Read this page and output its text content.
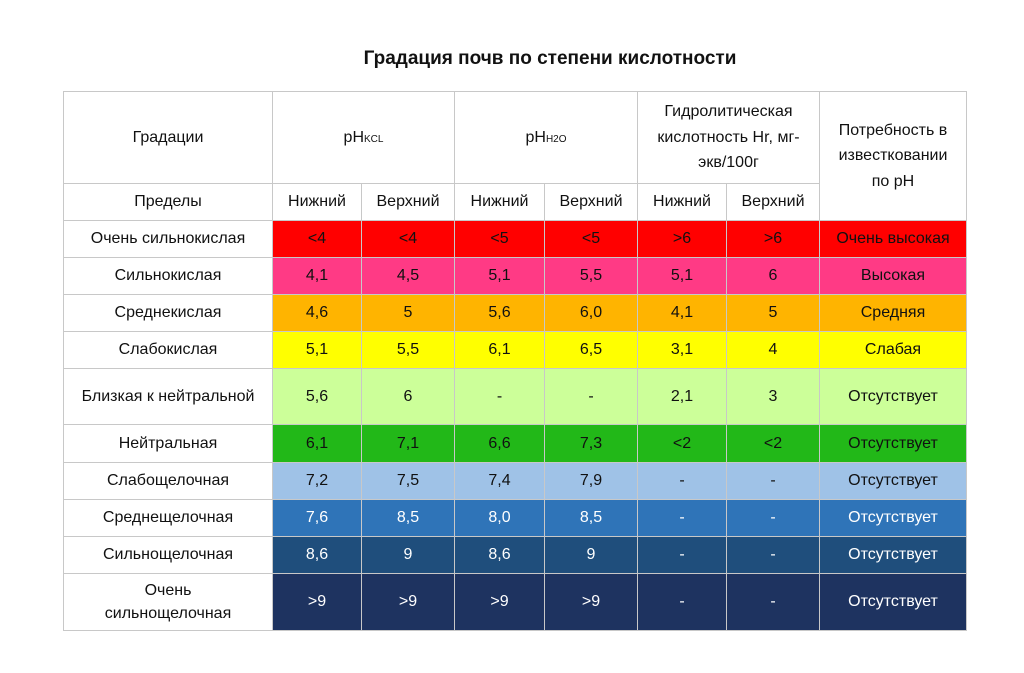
Градация почв по степени кислотности
Градации	pHKCL		pHH2O		Гидролитическая кислотность Hr, мг-экв/100г		Потребность в известковании по pH
Пределы	Нижний	Верхний	Нижний	Верхний	Нижний	Верхний	
Очень сильнокислая	<4	<4	<5	<5	>6	>6	Очень высокая
Сильнокислая	4,1	4,5	5,1	5,5	5,1	6	Высокая
Среднекислая	4,6	5	5,6	6,0	4,1	5	Средняя
Слабокислая	5,1	5,5	6,1	6,5	3,1	4	Слабая
Близкая к нейтральной	5,6	6	-	-	2,1	3	Отсутствует
Нейтральная	6,1	7,1	6,6	7,3	<2	<2	Отсутствует
Слабощелочная	7,2	7,5	7,4	7,9	-	-	Отсутствует
Среднещелочная	7,6	8,5	8,0	8,5	-	-	Отсутствует
Сильнощелочная	8,6	9	8,6	9	-	-	Отсутствует
Очень сильнощелочная	>9	>9	>9	>9	-	-	Отсутствует
